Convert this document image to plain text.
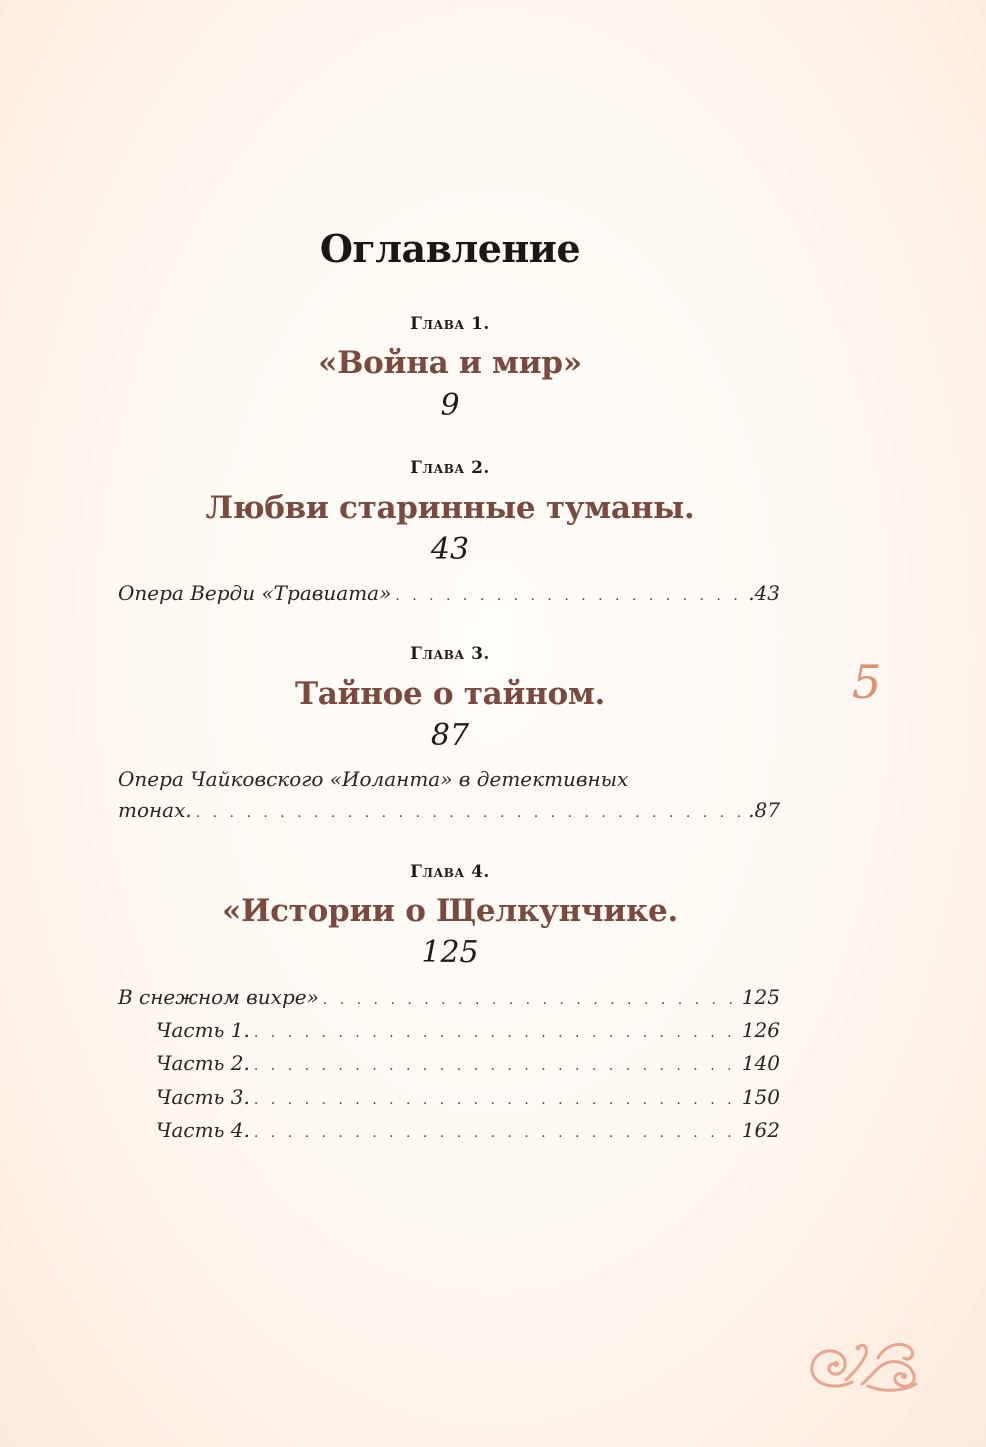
Оглавление
Глава 1.
«Война и мир»
9
Глава 2.
Любви старинные туманы.
43
Опера Верди «Травиата» . . .	.43
Глава 3.
Тайное о тайном.
87
Опера Чайковского «Иоланта» в детективных
тонах. . . .	.87
Глава 4.
«Истории о Щелкунчике.
125
В снежном вихре» . . .	125
Часть 1. . . .	126
Часть 2. . . .	140
Часть 3. . . .	150
Часть 4. . . .	162
5
